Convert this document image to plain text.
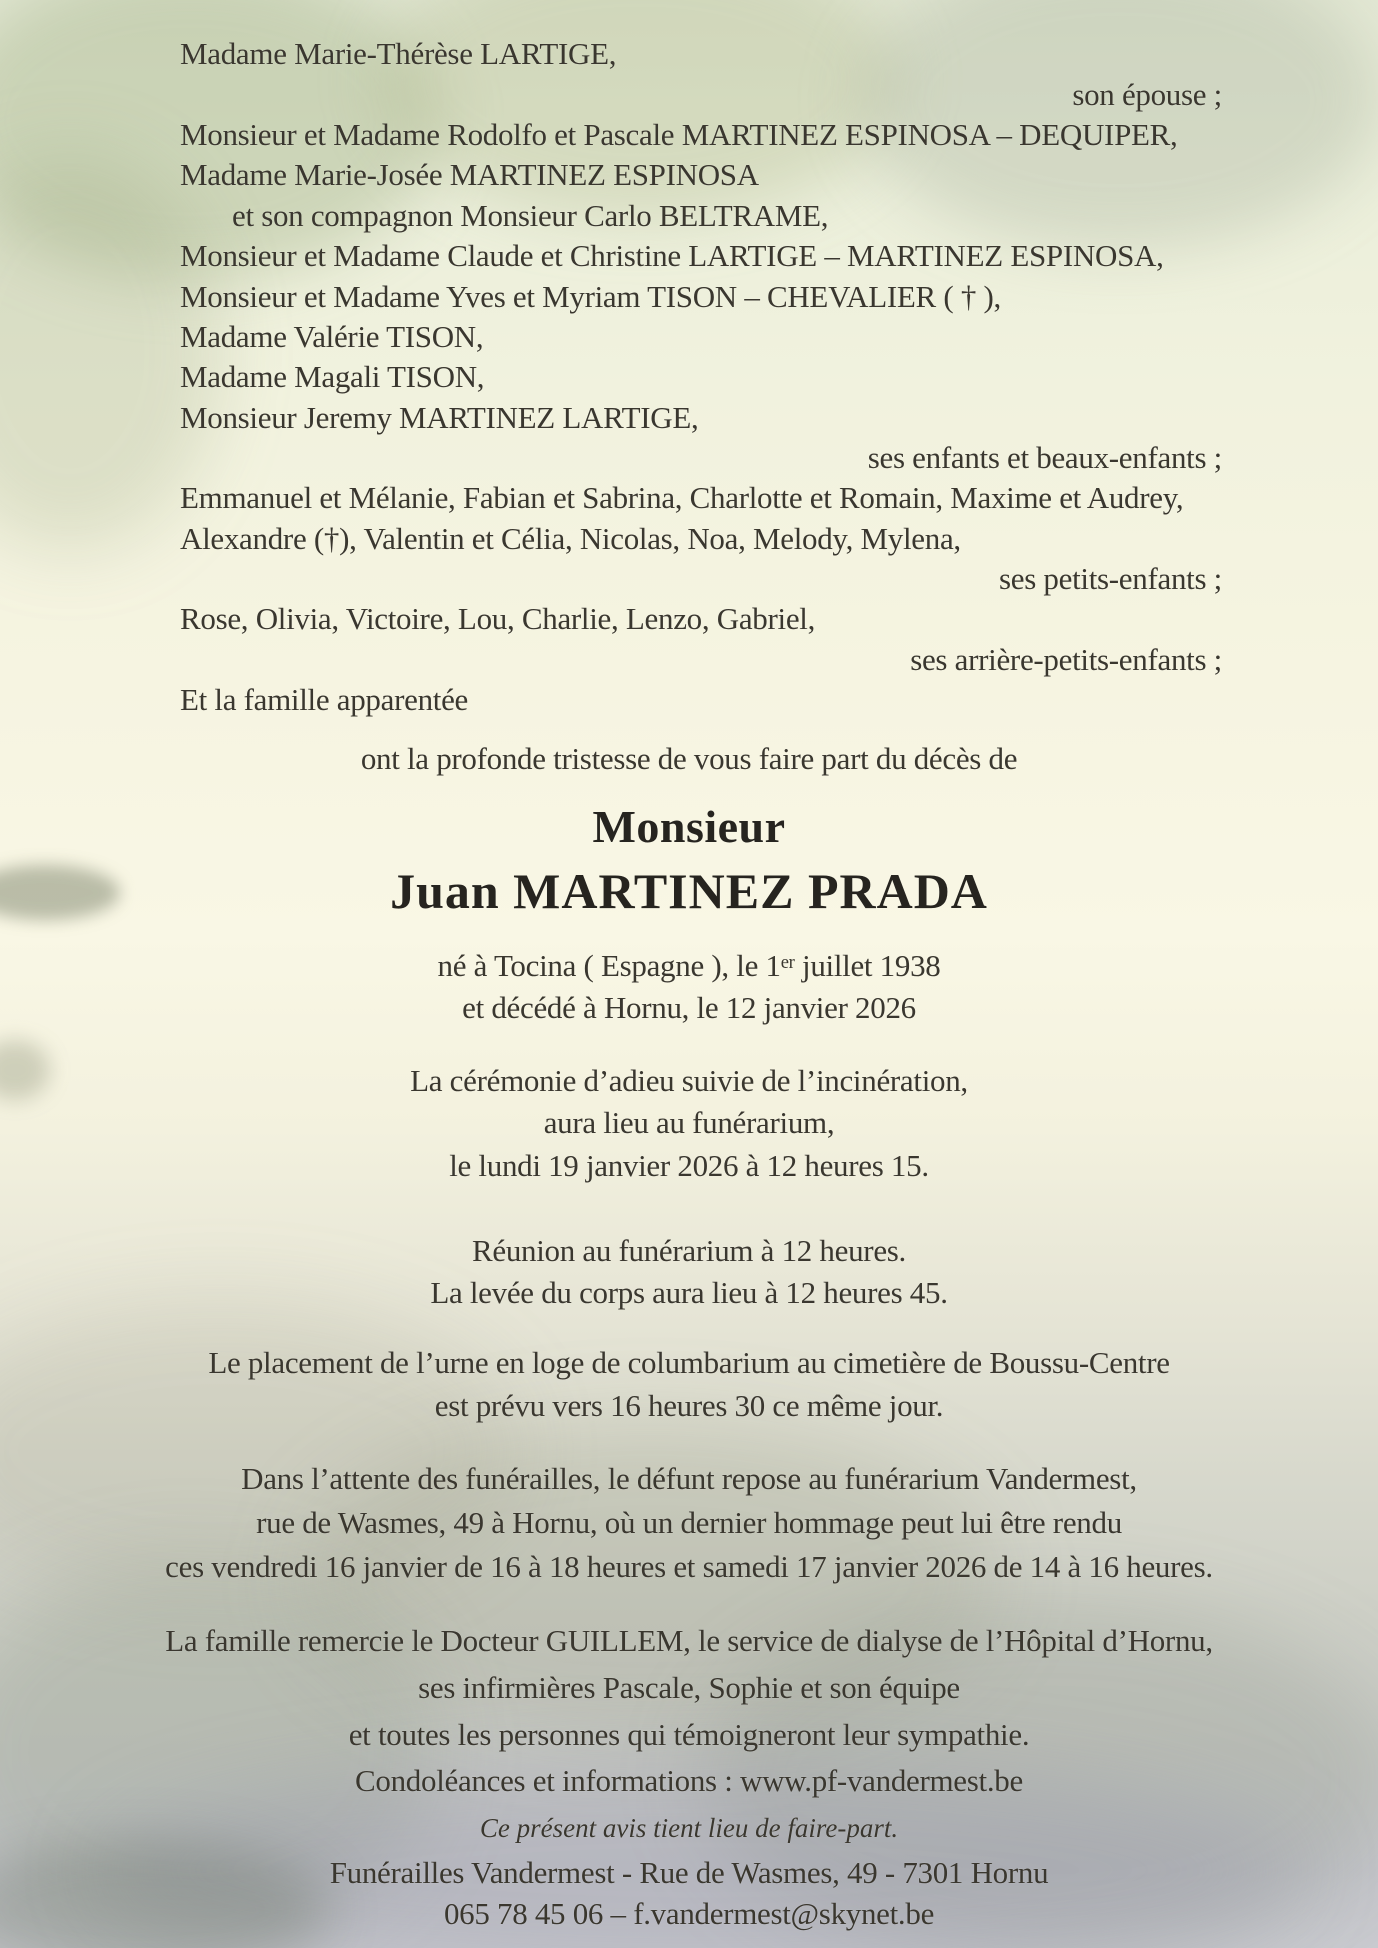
Madame Marie-Thérèse LARTIGE,
son épouse ;
Monsieur et Madame Rodolfo et Pascale MARTINEZ ESPINOSA – DEQUIPER,
Madame Marie-Josée MARTINEZ ESPINOSA
et son compagnon Monsieur Carlo BELTRAME,
Monsieur et Madame Claude et Christine LARTIGE – MARTINEZ ESPINOSA,
Monsieur et Madame Yves et Myriam TISON – CHEVALIER ( † ),
Madame Valérie TISON,
Madame Magali TISON,
Monsieur Jeremy MARTINEZ LARTIGE,
ses enfants et beaux-enfants ;
Emmanuel et Mélanie, Fabian et Sabrina, Charlotte et Romain, Maxime et Audrey,
Alexandre (†), Valentin et Célia, Nicolas, Noa, Melody, Mylena,
ses petits-enfants ;
Rose, Olivia, Victoire, Lou, Charlie, Lenzo, Gabriel,
ses arrière-petits-enfants ;
Et la famille apparentée
ont la profonde tristesse de vous faire part du décès de
Monsieur
Juan MARTINEZ PRADA
né à Tocina ( Espagne ), le 1er juillet 1938
et décédé à Hornu, le 12 janvier 2026
La cérémonie d’adieu suivie de l’incinération,
aura lieu au funérarium,
le lundi 19 janvier 2026 à 12 heures 15.
Réunion au funérarium à 12 heures.
La levée du corps aura lieu à 12 heures 45.
Le placement de l’urne en loge de columbarium au cimetière de Boussu-Centre
est prévu vers 16 heures 30 ce même jour.
Dans l’attente des funérailles, le défunt repose au funérarium Vandermest,
rue de Wasmes, 49 à Hornu, où un dernier hommage peut lui être rendu
ces vendredi 16 janvier de 16 à 18 heures et samedi 17 janvier 2026 de 14 à 16 heures.
La famille remercie le Docteur GUILLEM, le service de dialyse de l’Hôpital d’Hornu,
ses infirmières Pascale, Sophie et son équipe
et toutes les personnes qui témoigneront leur sympathie.
Condoléances et informations : www.pf-vandermest.be
Ce présent avis tient lieu de faire-part.
Funérailles Vandermest - Rue de Wasmes, 49 - 7301 Hornu
065 78 45 06 – f.vandermest@skynet.be
